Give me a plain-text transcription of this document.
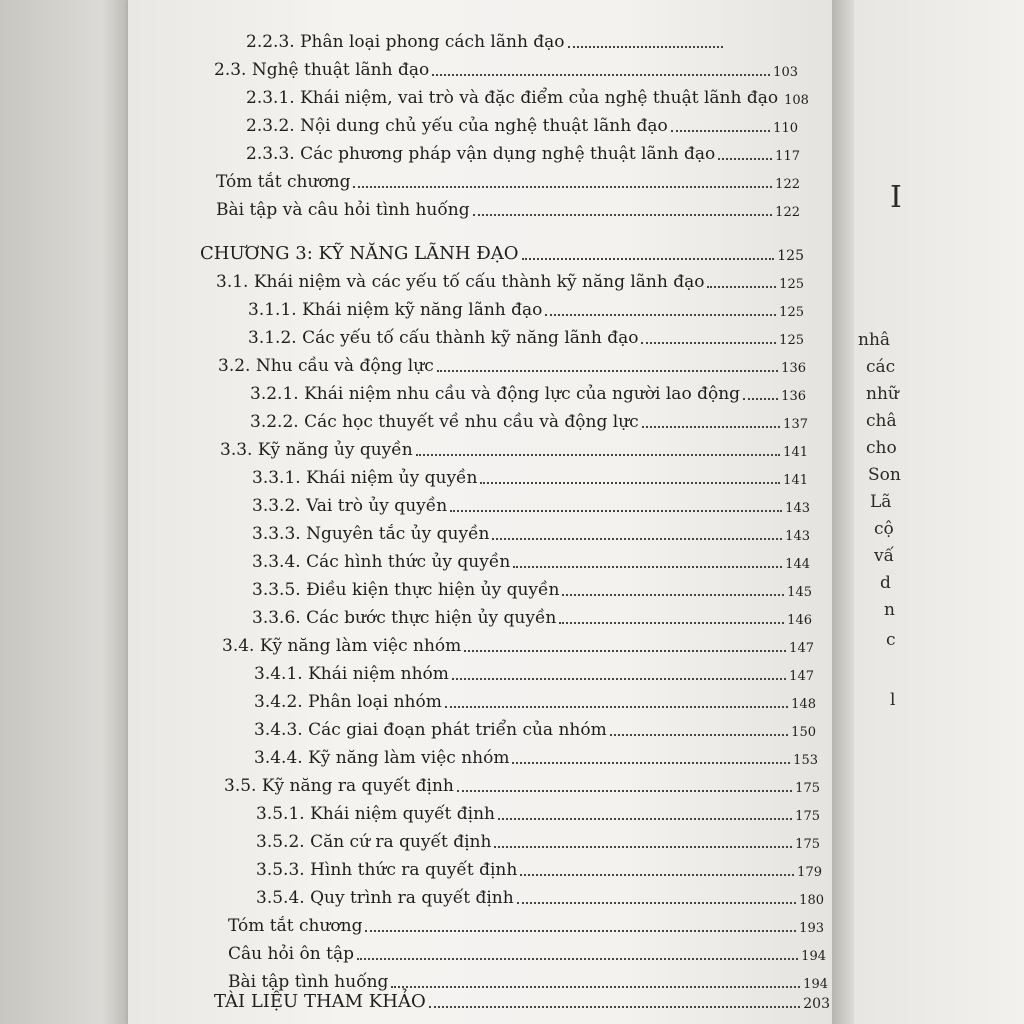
2.2.3. Phân loại phong cách lãnh đạo
2.3. Nghệ thuật lãnh đạo	103
2.3.1. Khái niệm, vai trò và đặc điểm của nghệ thuật lãnh đạo 108
2.3.2. Nội dung chủ yếu của nghệ thuật lãnh đạo	110
2.3.3. Các phương pháp vận dụng nghệ thuật lãnh đạo	117
Tóm tắt chương	122
Bài tập và câu hỏi tình huống	122
CHƯƠNG 3: KỸ NĂNG LÃNH ĐẠO	125
3.1. Khái niệm và các yếu tố cấu thành kỹ năng lãnh đạo	125
3.1.1. Khái niệm kỹ năng lãnh đạo	125
3.1.2. Các yếu tố cấu thành kỹ năng lãnh đạo	125
3.2. Nhu cầu và động lực	136
3.2.1. Khái niệm nhu cầu và động lực của người lao động	136
3.2.2. Các học thuyết về nhu cầu và động lực	137
3.3. Kỹ năng ủy quyền	141
3.3.1. Khái niệm ủy quyền	141
3.3.2. Vai trò ủy quyền	143
3.3.3. Nguyên tắc ủy quyền	143
3.3.4. Các hình thức ủy quyền	144
3.3.5. Điều kiện thực hiện ủy quyền	145
3.3.6. Các bước thực hiện ủy quyền	146
3.4. Kỹ năng làm việc nhóm	147
3.4.1. Khái niệm nhóm	147
3.4.2. Phân loại nhóm	148
3.4.3. Các giai đoạn phát triển của nhóm	150
3.4.4. Kỹ năng làm việc nhóm	153
3.5. Kỹ năng ra quyết định	175
3.5.1. Khái niệm quyết định	175
3.5.2. Căn cứ ra quyết định	175
3.5.3. Hình thức ra quyết định	179
3.5.4. Quy trình ra quyết định	180
Tóm tắt chương	193
Câu hỏi ôn tập	194
Bài tập tình huống	194
TÀI LIỆU THAM KHẢO	203
I
nhâ
các
nhữ
châ
cho
Son
Lã
cộ
vấ
d
n
c
l
